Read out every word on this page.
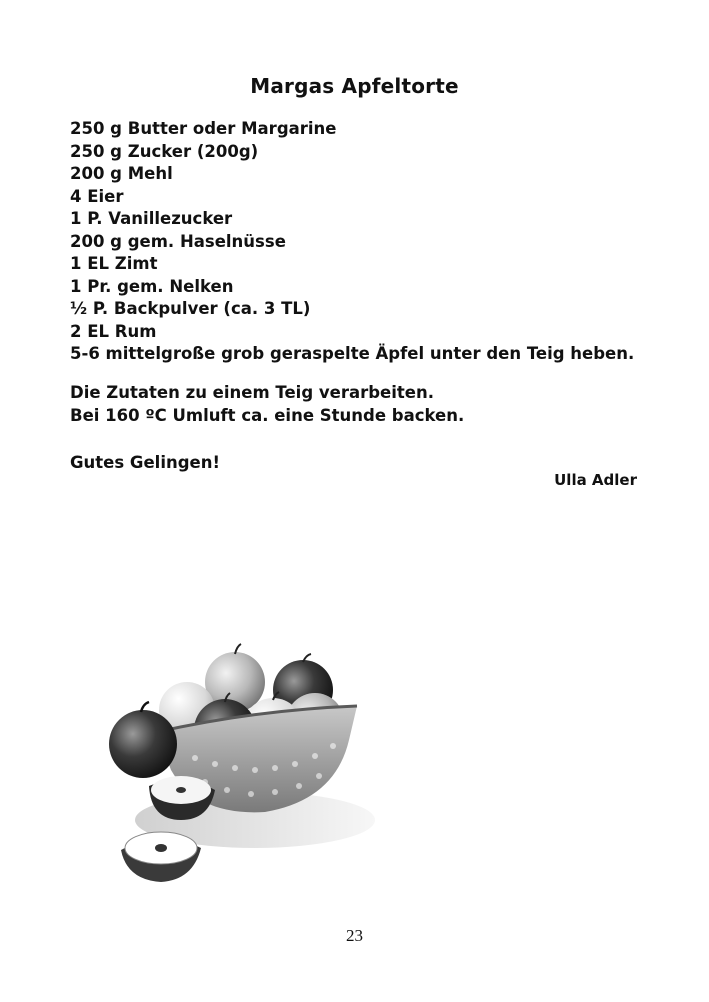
Margas Apfeltorte
250 g Butter oder Margarine
250 g Zucker (200g)
200 g Mehl
4 Eier
1 P. Vanillezucker
200 g gem. Haselnüsse
1 EL Zimt
1 Pr. gem. Nelken
½ P. Backpulver (ca. 3 TL)
2 EL Rum
5-6 mittelgroße grob geraspelte Äpfel unter den Teig heben.
Die Zutaten zu einem Teig verarbeiten.
Bei 160 ºC Umluft ca. eine Stunde backen.
Gutes Gelingen!
Ulla Adler
23
